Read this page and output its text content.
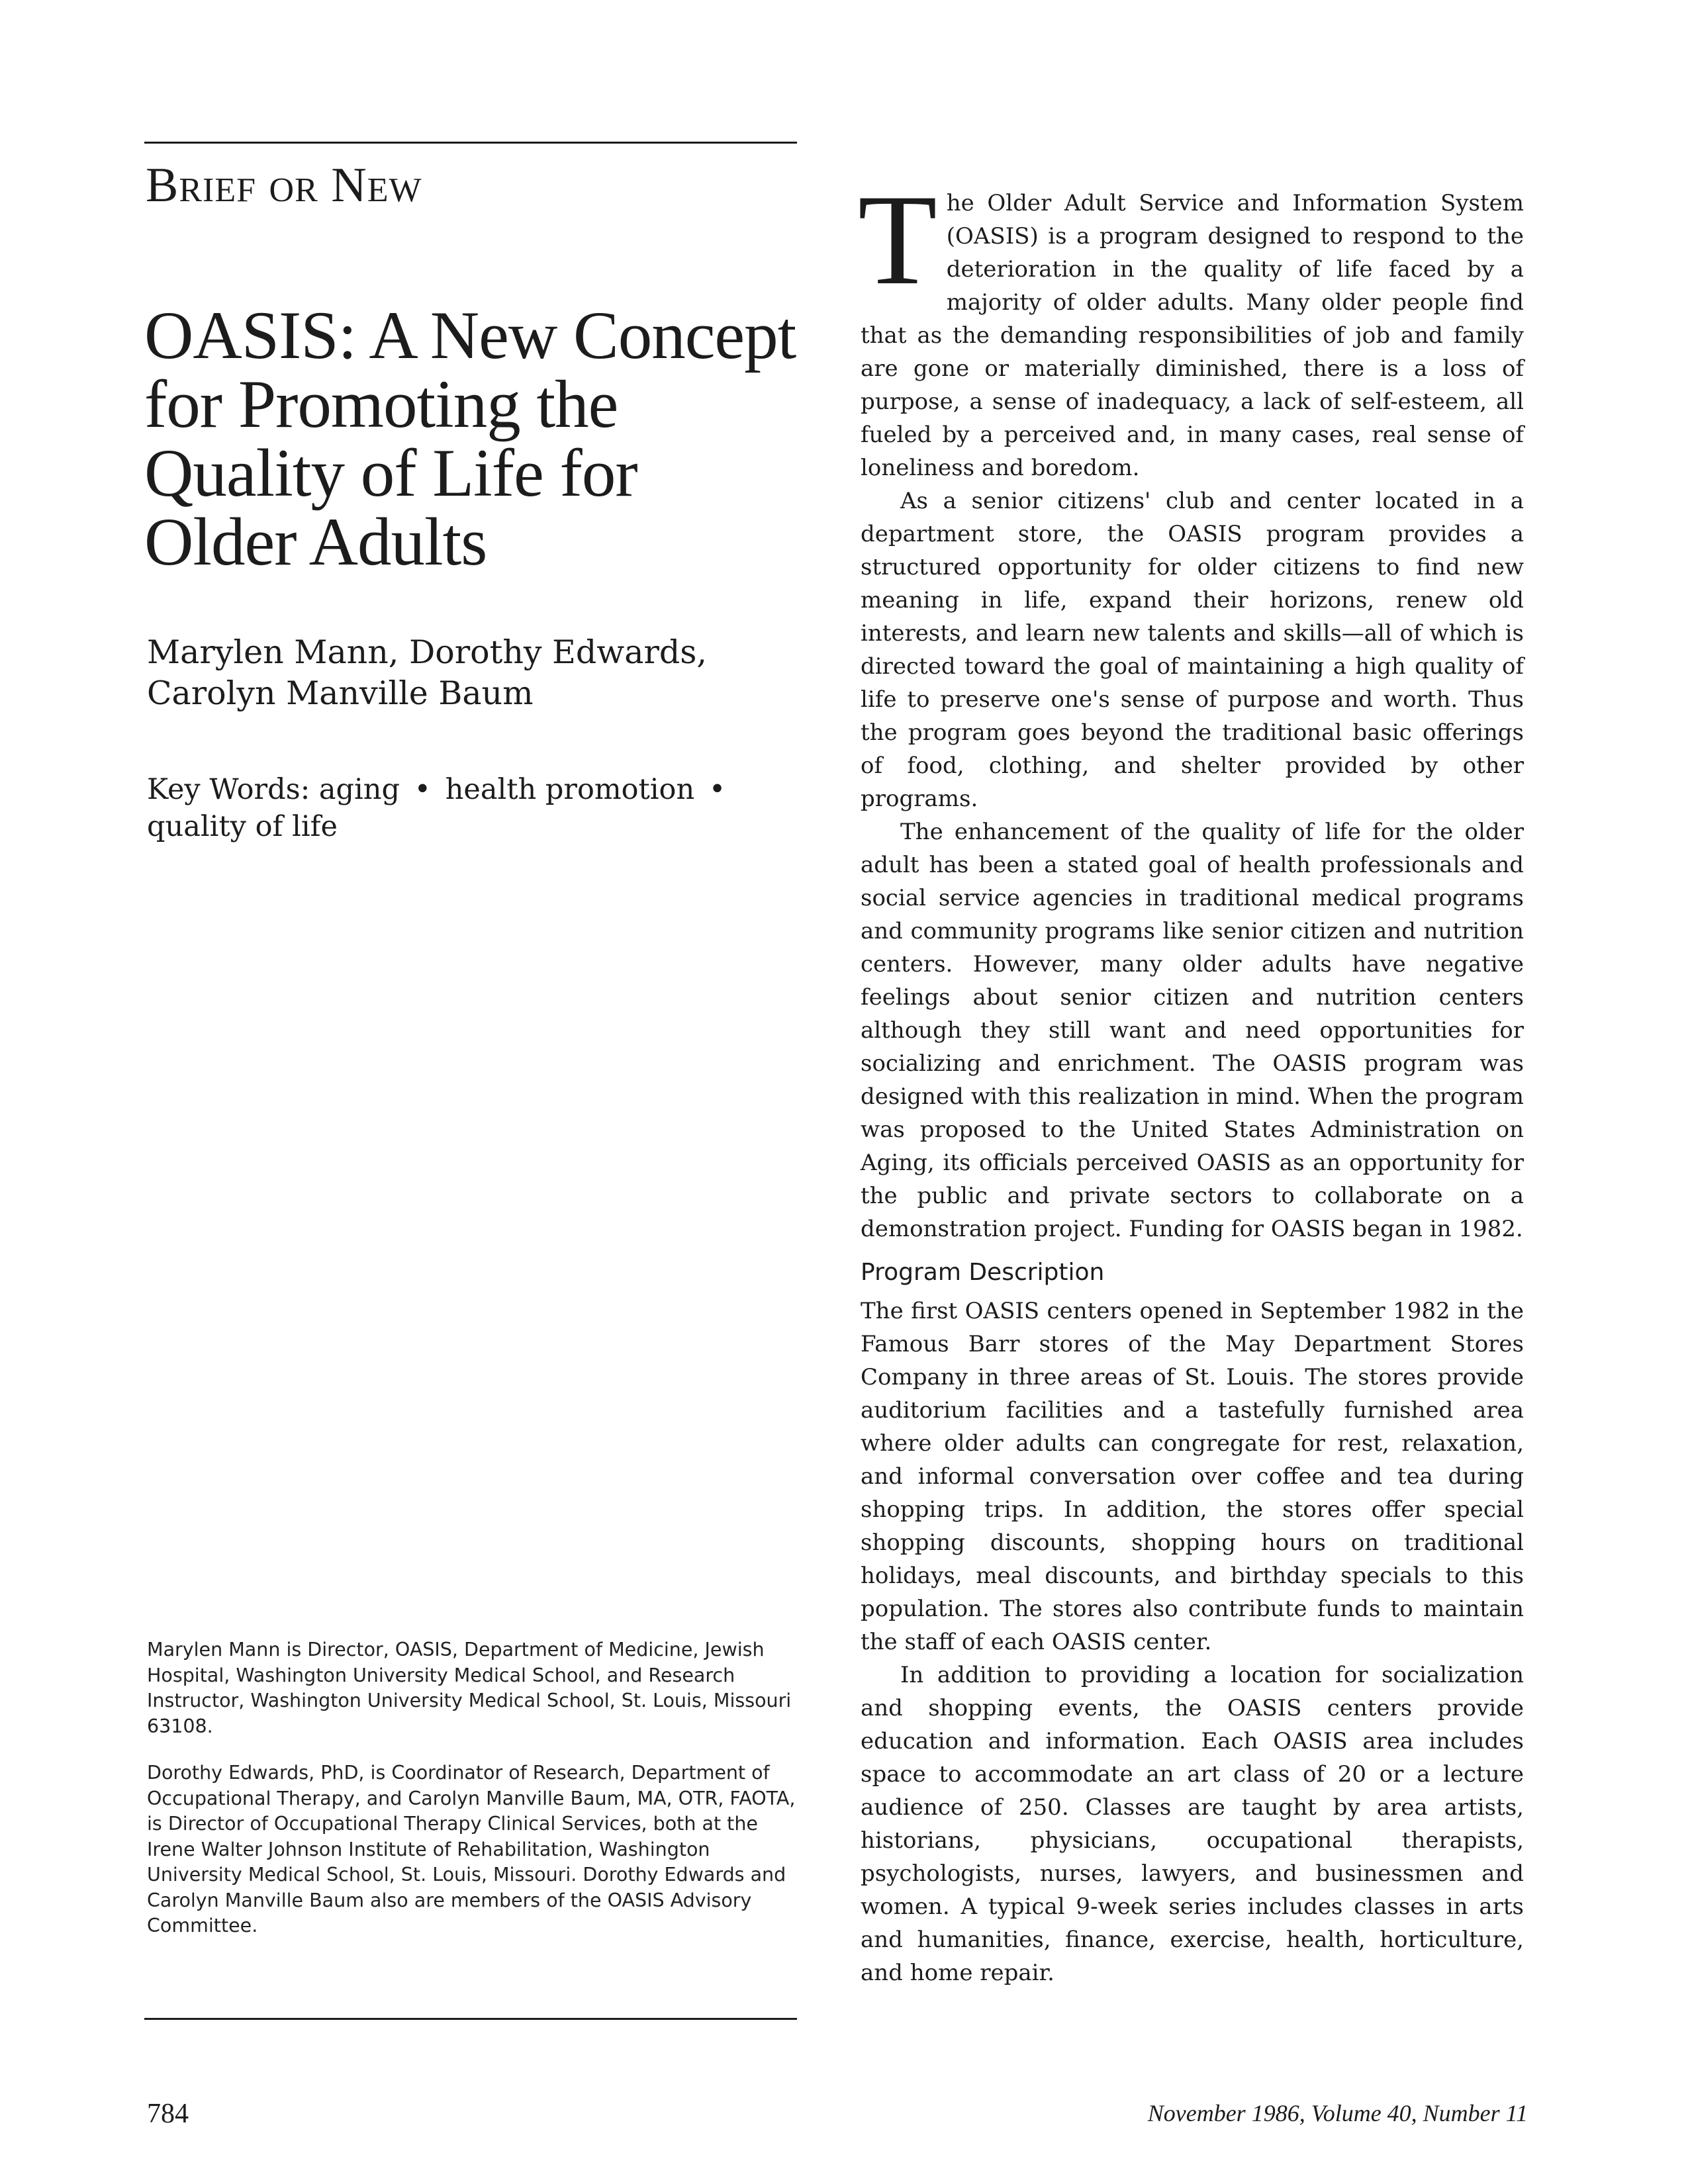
Brief or New
OASIS: A New Concept for Promoting the Quality of Life for Older Adults
Marylen Mann, Dorothy Edwards, Carolyn Manville Baum
Key Words: aging • health promotion • quality of life

Marylen Mann is Director, OASIS, Department of Medicine, Jewish Hospital, Washington University Medical School, and Research Instructor, Washington University Medical School, St. Louis, Missouri 63108.

Dorothy Edwards, PhD, is Coordinator of Research, Department of Occupational Therapy, and Carolyn Manville Baum, MA, OTR, FAOTA, is Director of Occupational Therapy Clinical Services, both at the Irene Walter Johnson Institute of Rehabilitation, Washington University Medical School, St. Louis, Missouri. Dorothy Edwards and Carolyn Manville Baum also are members of the OASIS Advisory Committee.

The Older Adult Service and Information System (OASIS) is a program designed to respond to the deterioration in the quality of life faced by a majority of older adults. Many older people find that as the demanding responsibilities of job and family are gone or materially diminished, there is a loss of purpose, a sense of inadequacy, a lack of self-esteem, all fueled by a perceived and, in many cases, real sense of loneliness and boredom.

As a senior citizens' club and center located in a department store, the OASIS program provides a structured opportunity for older citizens to find new meaning in life, expand their horizons, renew old interests, and learn new talents and skills—all of which is directed toward the goal of maintaining a high quality of life to preserve one's sense of purpose and worth. Thus the program goes beyond the traditional basic offerings of food, clothing, and shelter provided by other programs.

The enhancement of the quality of life for the older adult has been a stated goal of health professionals and social service agencies in traditional medical programs and community programs like senior citizen and nutrition centers. However, many older adults have negative feelings about senior citizen and nutrition centers although they still want and need opportunities for socializing and enrichment. The OASIS program was designed with this realization in mind. When the program was proposed to the United States Administration on Aging, its officials perceived OASIS as an opportunity for the public and private sectors to collaborate on a demonstration project. Funding for OASIS began in 1982.

Program Description

The first OASIS centers opened in September 1982 in the Famous Barr stores of the May Department Stores Company in three areas of St. Louis. The stores provide auditorium facilities and a tastefully furnished area where older adults can congregate for rest, relaxation, and informal conversation over coffee and tea during shopping trips. In addition, the stores offer special shopping discounts, shopping hours on traditional holidays, meal discounts, and birthday specials to this population. The stores also contribute funds to maintain the staff of each OASIS center.

In addition to providing a location for socialization and shopping events, the OASIS centers provide education and information. Each OASIS area includes space to accommodate an art class of 20 or a lecture audience of 250. Classes are taught by area artists, historians, physicians, occupational therapists, psychologists, nurses, lawyers, and businessmen and women. A typical 9-week series includes classes in arts and humanities, finance, exercise, health, horticulture, and home repair.

784	November 1986, Volume 40, Number 11
